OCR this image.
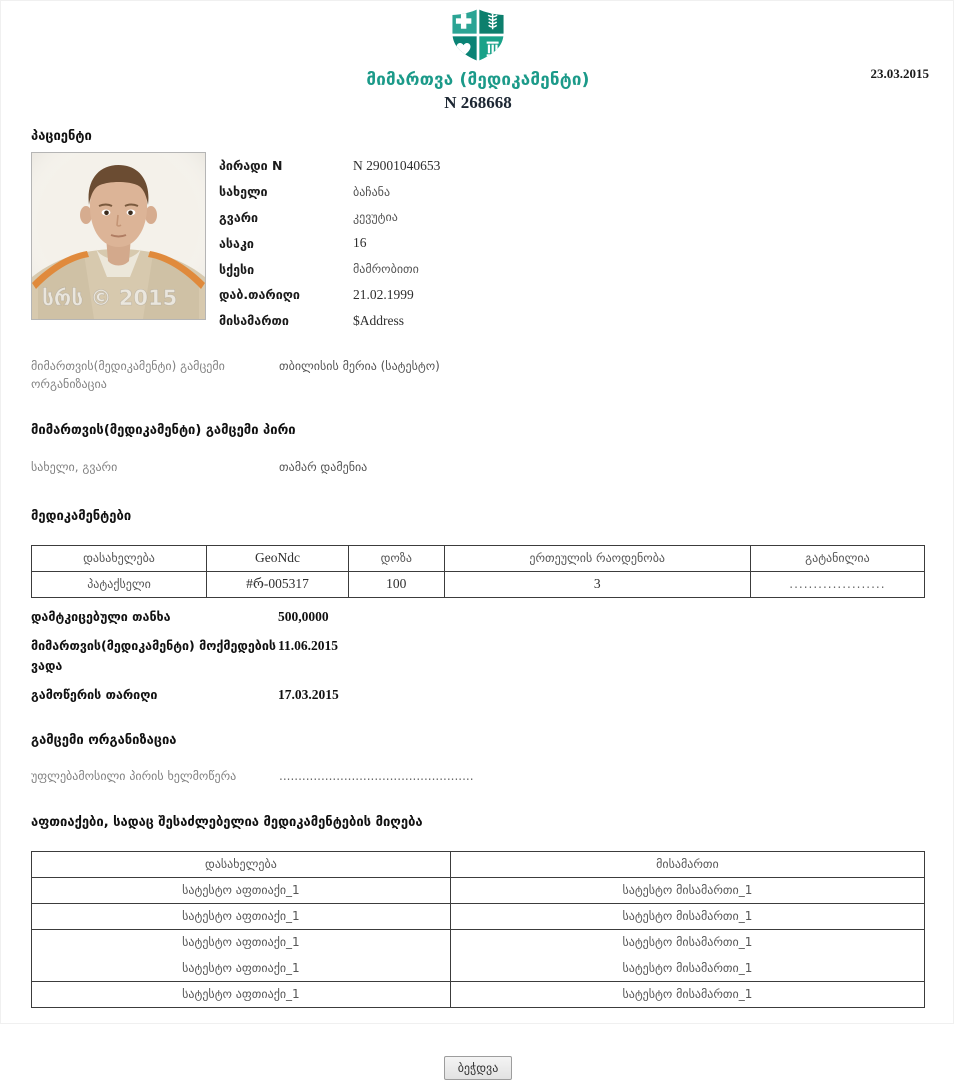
მიმართვა (მედიკამენტი)
N 268668
23.03.2015
პაციენტი
სრს © 2015
პირადი N	N 29001040653
სახელი	ბაჩანა
გვარი	კევუტია
ასაკი	16
სქესი	მამრობითი
დაბ.თარიღი	21.02.1999
მისამართი	$Address
მიმართვის(მედიკამენტი) გამცემი ორგანიზაცია
თბილისის მერია (სატესტო)
მიმართვის(მედიკამენტი) გამცემი პირი
სახელი, გვარი	თამარ დამენია
მედიკამენტები
დასახელება	GeoNdc	დოზა	ერთეულის რაოდენობა	გატანილია
პატაქსელი	#რ-005317	100	3	....................
დამტკიცებული თანხა	500,0000
მიმართვის(მედიკამენტი) მოქმედების ვადა
11.06.2015
გამოწერის თარიღი	17.03.2015
გამცემი ორგანიზაცია
უფლებამოსილი პირის ხელმოწერა	...................................................
აფთიაქები, სადაც შესაძლებელია მედიკამენტების მიღება
დასახელება	მისამართი
სატესტო აფთიაქი_1	სატესტო მისამართი_1
სატესტო აფთიაქი_1	სატესტო მისამართი_1
სატესტო აფთიაქი_1	სატესტო მისამართი_1
სატესტო აფთიაქი_1	სატესტო მისამართი_1
სატესტო აფთიაქი_1	სატესტო მისამართი_1
ბეჭდვა
